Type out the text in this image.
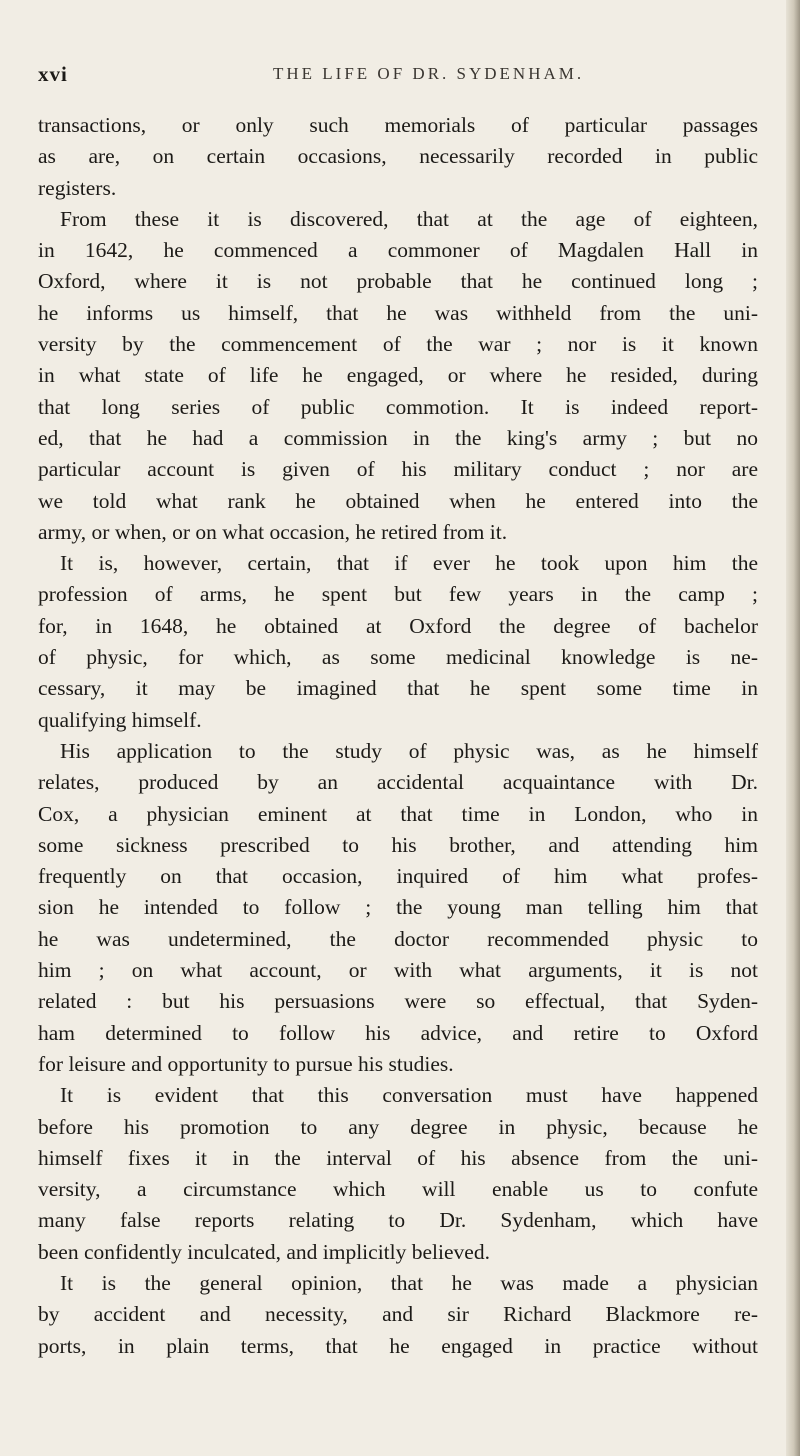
xvi	THE LIFE OF DR. SYDENHAM.
transactions, or only such memorials of particular passages
as are, on certain occasions, necessarily recorded in public
registers.
From these it is discovered, that at the age of eighteen,
in 1642, he commenced a commoner of Magdalen Hall in
Oxford, where it is not probable that he continued long ;
he informs us himself, that he was withheld from the uni-
versity by the commencement of the war ; nor is it known
in what state of life he engaged, or where he resided, during
that long series of public commotion. It is indeed report-
ed, that he had a commission in the king's army ; but no
particular account is given of his military conduct ; nor are
we told what rank he obtained when he entered into the
army, or when, or on what occasion, he retired from it.
It is, however, certain, that if ever he took upon him the
profession of arms, he spent but few years in the camp ;
for, in 1648, he obtained at Oxford the degree of bachelor
of physic, for which, as some medicinal knowledge is ne-
cessary, it may be imagined that he spent some time in
qualifying himself.
His application to the study of physic was, as he himself
relates, produced by an accidental acquaintance with Dr.
Cox, a physician eminent at that time in London, who in
some sickness prescribed to his brother, and attending him
frequently on that occasion, inquired of him what profes-
sion he intended to follow ; the young man telling him that
he was undetermined, the doctor recommended physic to
him ; on what account, or with what arguments, it is not
related : but his persuasions were so effectual, that Syden-
ham determined to follow his advice, and retire to Oxford
for leisure and opportunity to pursue his studies.
It is evident that this conversation must have happened
before his promotion to any degree in physic, because he
himself fixes it in the interval of his absence from the uni-
versity, a circumstance which will enable us to confute
many false reports relating to Dr. Sydenham, which have
been confidently inculcated, and implicitly believed.
It is the general opinion, that he was made a physician
by accident and necessity, and sir Richard Blackmore re-
ports, in plain terms, that he engaged in practice without
